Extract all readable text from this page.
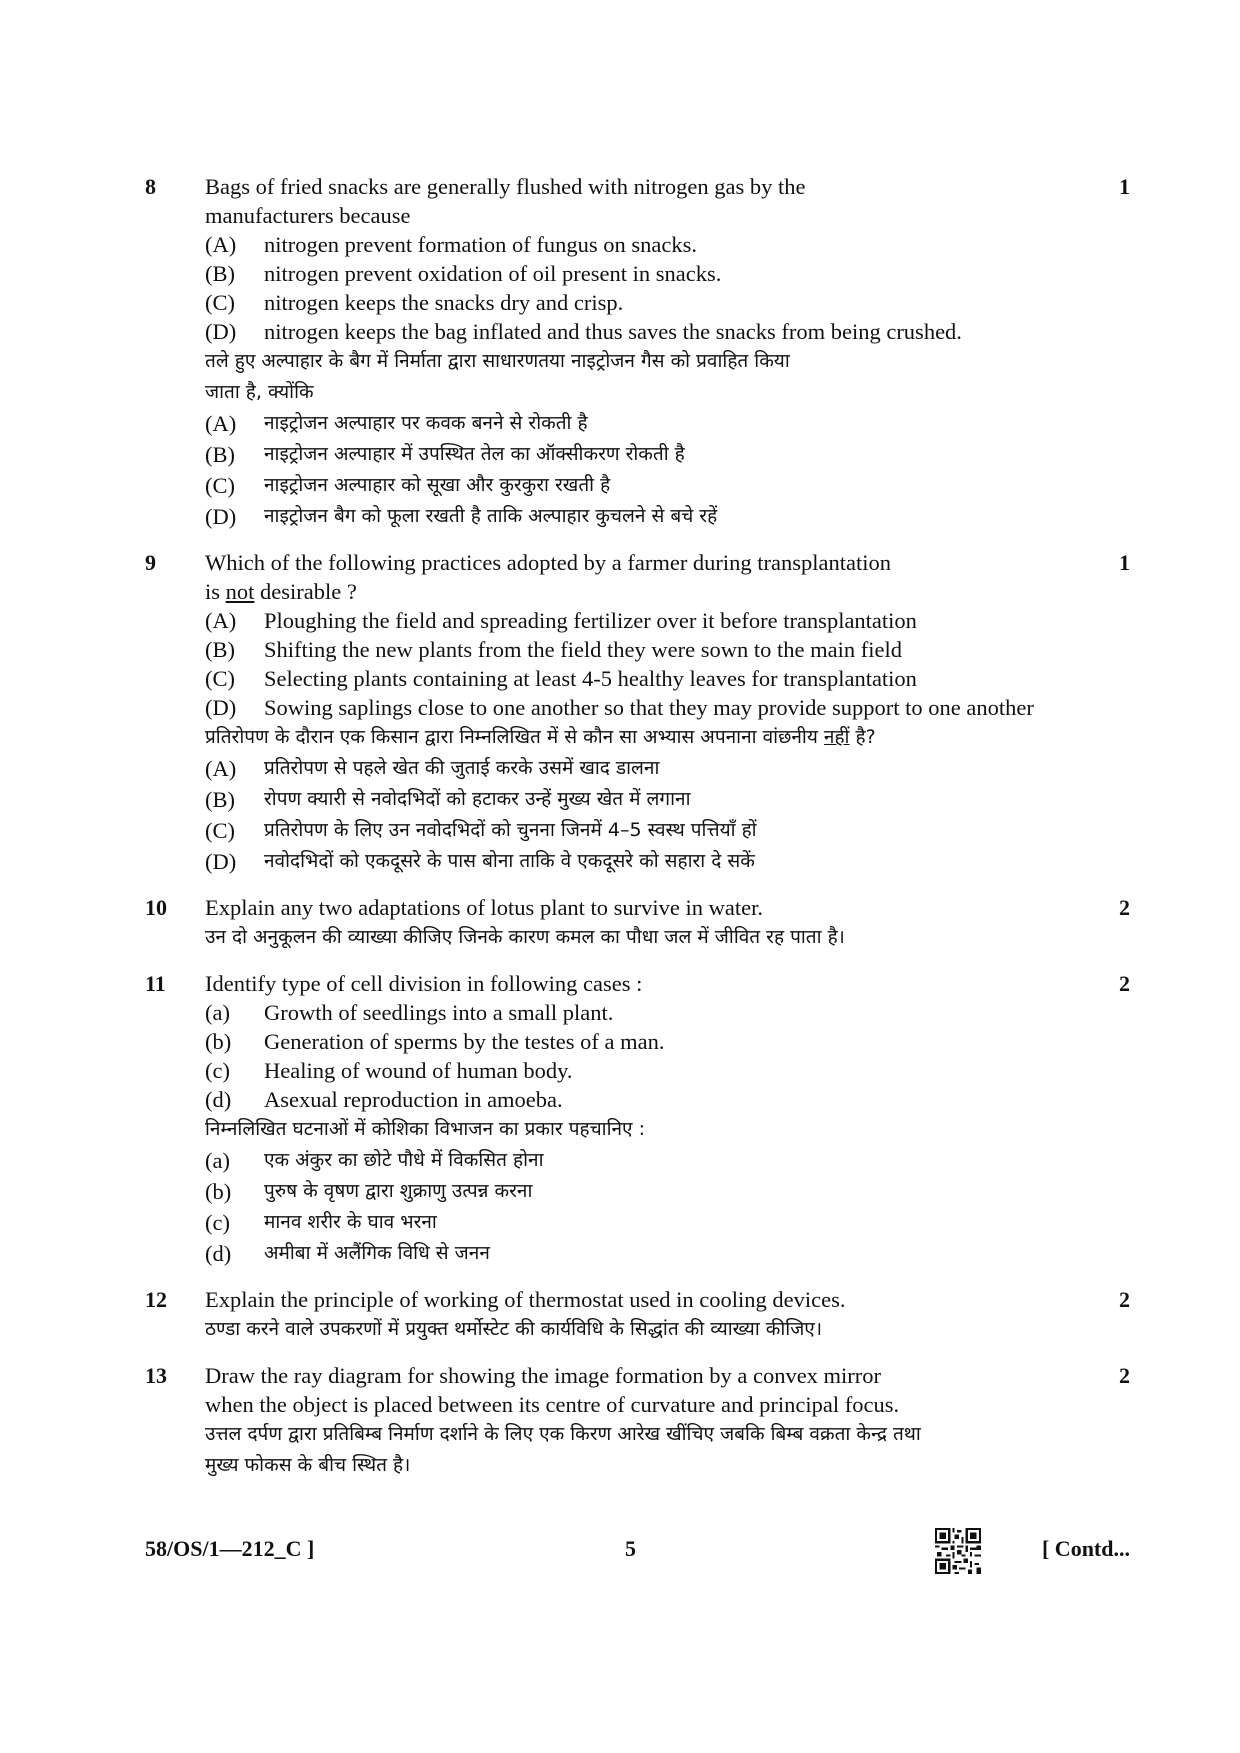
8	Bags of fried snacks are generally flushed with nitrogen gas by the
manufacturers because
(A)	nitrogen prevent formation of fungus on snacks.
(B)	nitrogen prevent oxidation of oil present in snacks.
(C)	nitrogen keeps the snacks dry and crisp.
(D)	nitrogen keeps the bag inflated and thus saves the snacks from being crushed.
तले हुए अल्पाहार के बैग में निर्माता द्वारा साधारणतया नाइट्रोजन गैस को प्रवाहित किया
जाता है, क्योंकि
(A)	नाइट्रोजन अल्पाहार पर कवक बनने से रोकती है
(B)	नाइट्रोजन अल्पाहार में उपस्थित तेल का ऑक्सीकरण रोकती है
(C)	नाइट्रोजन अल्पाहार को सूखा और कुरकुरा रखती है
(D)	नाइट्रोजन बैग को फूला रखती है ताकि अल्पाहार कुचलने से बचे रहें
1
9	Which of the following practices adopted by a farmer during transplantation
is not desirable ?
(A)	Ploughing the field and spreading fertilizer over it before transplantation
(B)	Shifting the new plants from the field they were sown to the main field
(C)	Selecting plants containing at least 4-5 healthy leaves for transplantation
(D)	Sowing saplings close to one another so that they may provide support to one another
प्रतिरोपण के दौरान एक किसान द्वारा निम्नलिखित में से कौन सा अभ्यास अपनाना वांछनीय नहीं है?
(A)	प्रतिरोपण से पहले खेत की जुताई करके उसमें खाद डालना
(B)	रोपण क्यारी से नवोदभिदों को हटाकर उन्हें मुख्य खेत में लगाना
(C)	प्रतिरोपण के लिए उन नवोदभिदों को चुनना जिनमें 4–5 स्वस्थ पत्तियाँ हों
(D)	नवोदभिदों को एकदूसरे के पास बोना ताकि वे एकदूसरे को सहारा दे सकें
1
10	Explain any two adaptations of lotus plant to survive in water.
उन दो अनुकूलन की व्याख्या कीजिए जिनके कारण कमल का पौधा जल में जीवित रह पाता है।
2
11	Identify type of cell division in following cases :
(a)	Growth of seedlings into a small plant.
(b)	Generation of sperms by the testes of a man.
(c)	Healing of wound of human body.
(d)	Asexual reproduction in amoeba.
निम्नलिखित घटनाओं में कोशिका विभाजन का प्रकार पहचानिए :
(a)	एक अंकुर का छोटे पौधे में विकसित होना
(b)	पुरुष के वृषण द्वारा शुक्राणु उत्पन्न करना
(c)	मानव शरीर के घाव भरना
(d)	अमीबा में अलैंगिक विधि से जनन
2
12	Explain the principle of working of thermostat used in cooling devices.
ठण्डा करने वाले उपकरणों में प्रयुक्त थर्मोस्टेट की कार्यविधि के सिद्धांत की व्याख्या कीजिए।
2
13	Draw the ray diagram for showing the image formation by a convex mirror
when the object is placed between its centre of curvature and principal focus.
उत्तल दर्पण द्वारा प्रतिबिम्ब निर्माण दर्शाने के लिए एक किरण आरेख खींचिए जबकि बिम्ब वक्रता केन्द्र तथा
मुख्य फोकस के बीच स्थित है।
2
58/OS/1—212_C ]	5	[ Contd...
